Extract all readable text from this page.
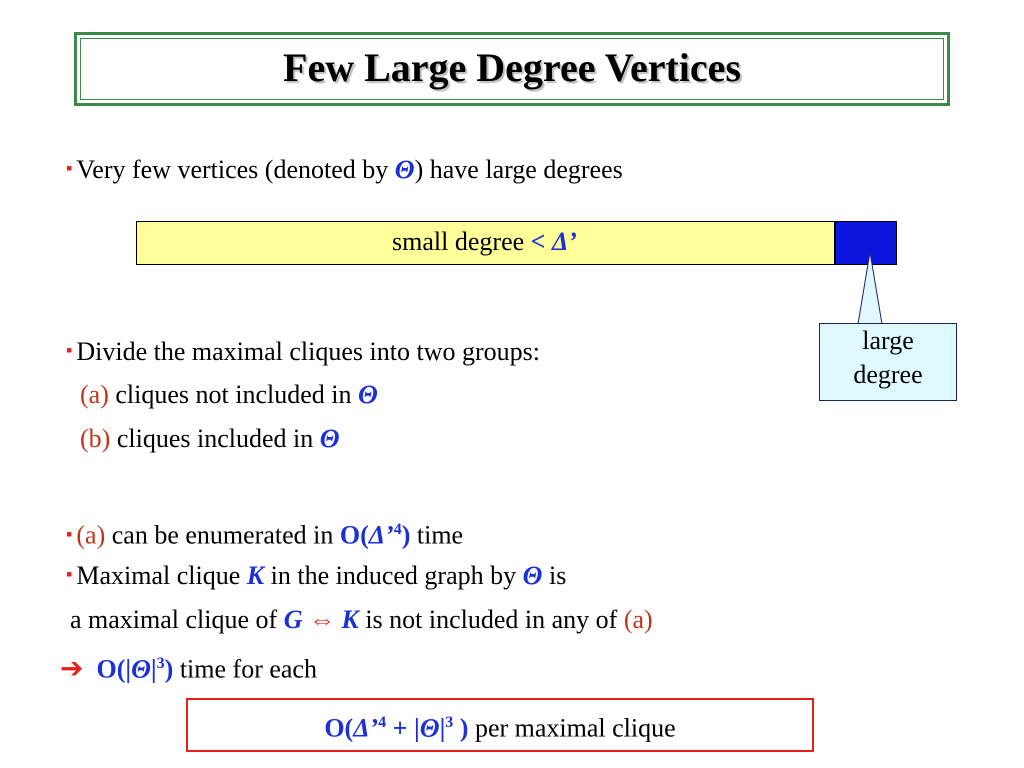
Few Large Degree Vertices
▪ Very few vertices (denoted by Θ) have large degrees
small degree < Δ’
large
degree
▪ Divide the maximal cliques into two groups:
(a) cliques not included in Θ
(b) cliques included in Θ
▪ (a) can be enumerated in O(Δ’$^4$) time
▪ Maximal clique K in the induced graph by Θ is
a maximal clique of G ⇔ K is not included in any of (a)
➔ $O(|\Theta|^3)$ time for each
O(Δ’$^4$ + $|\Theta|^3$ ) per maximal clique
